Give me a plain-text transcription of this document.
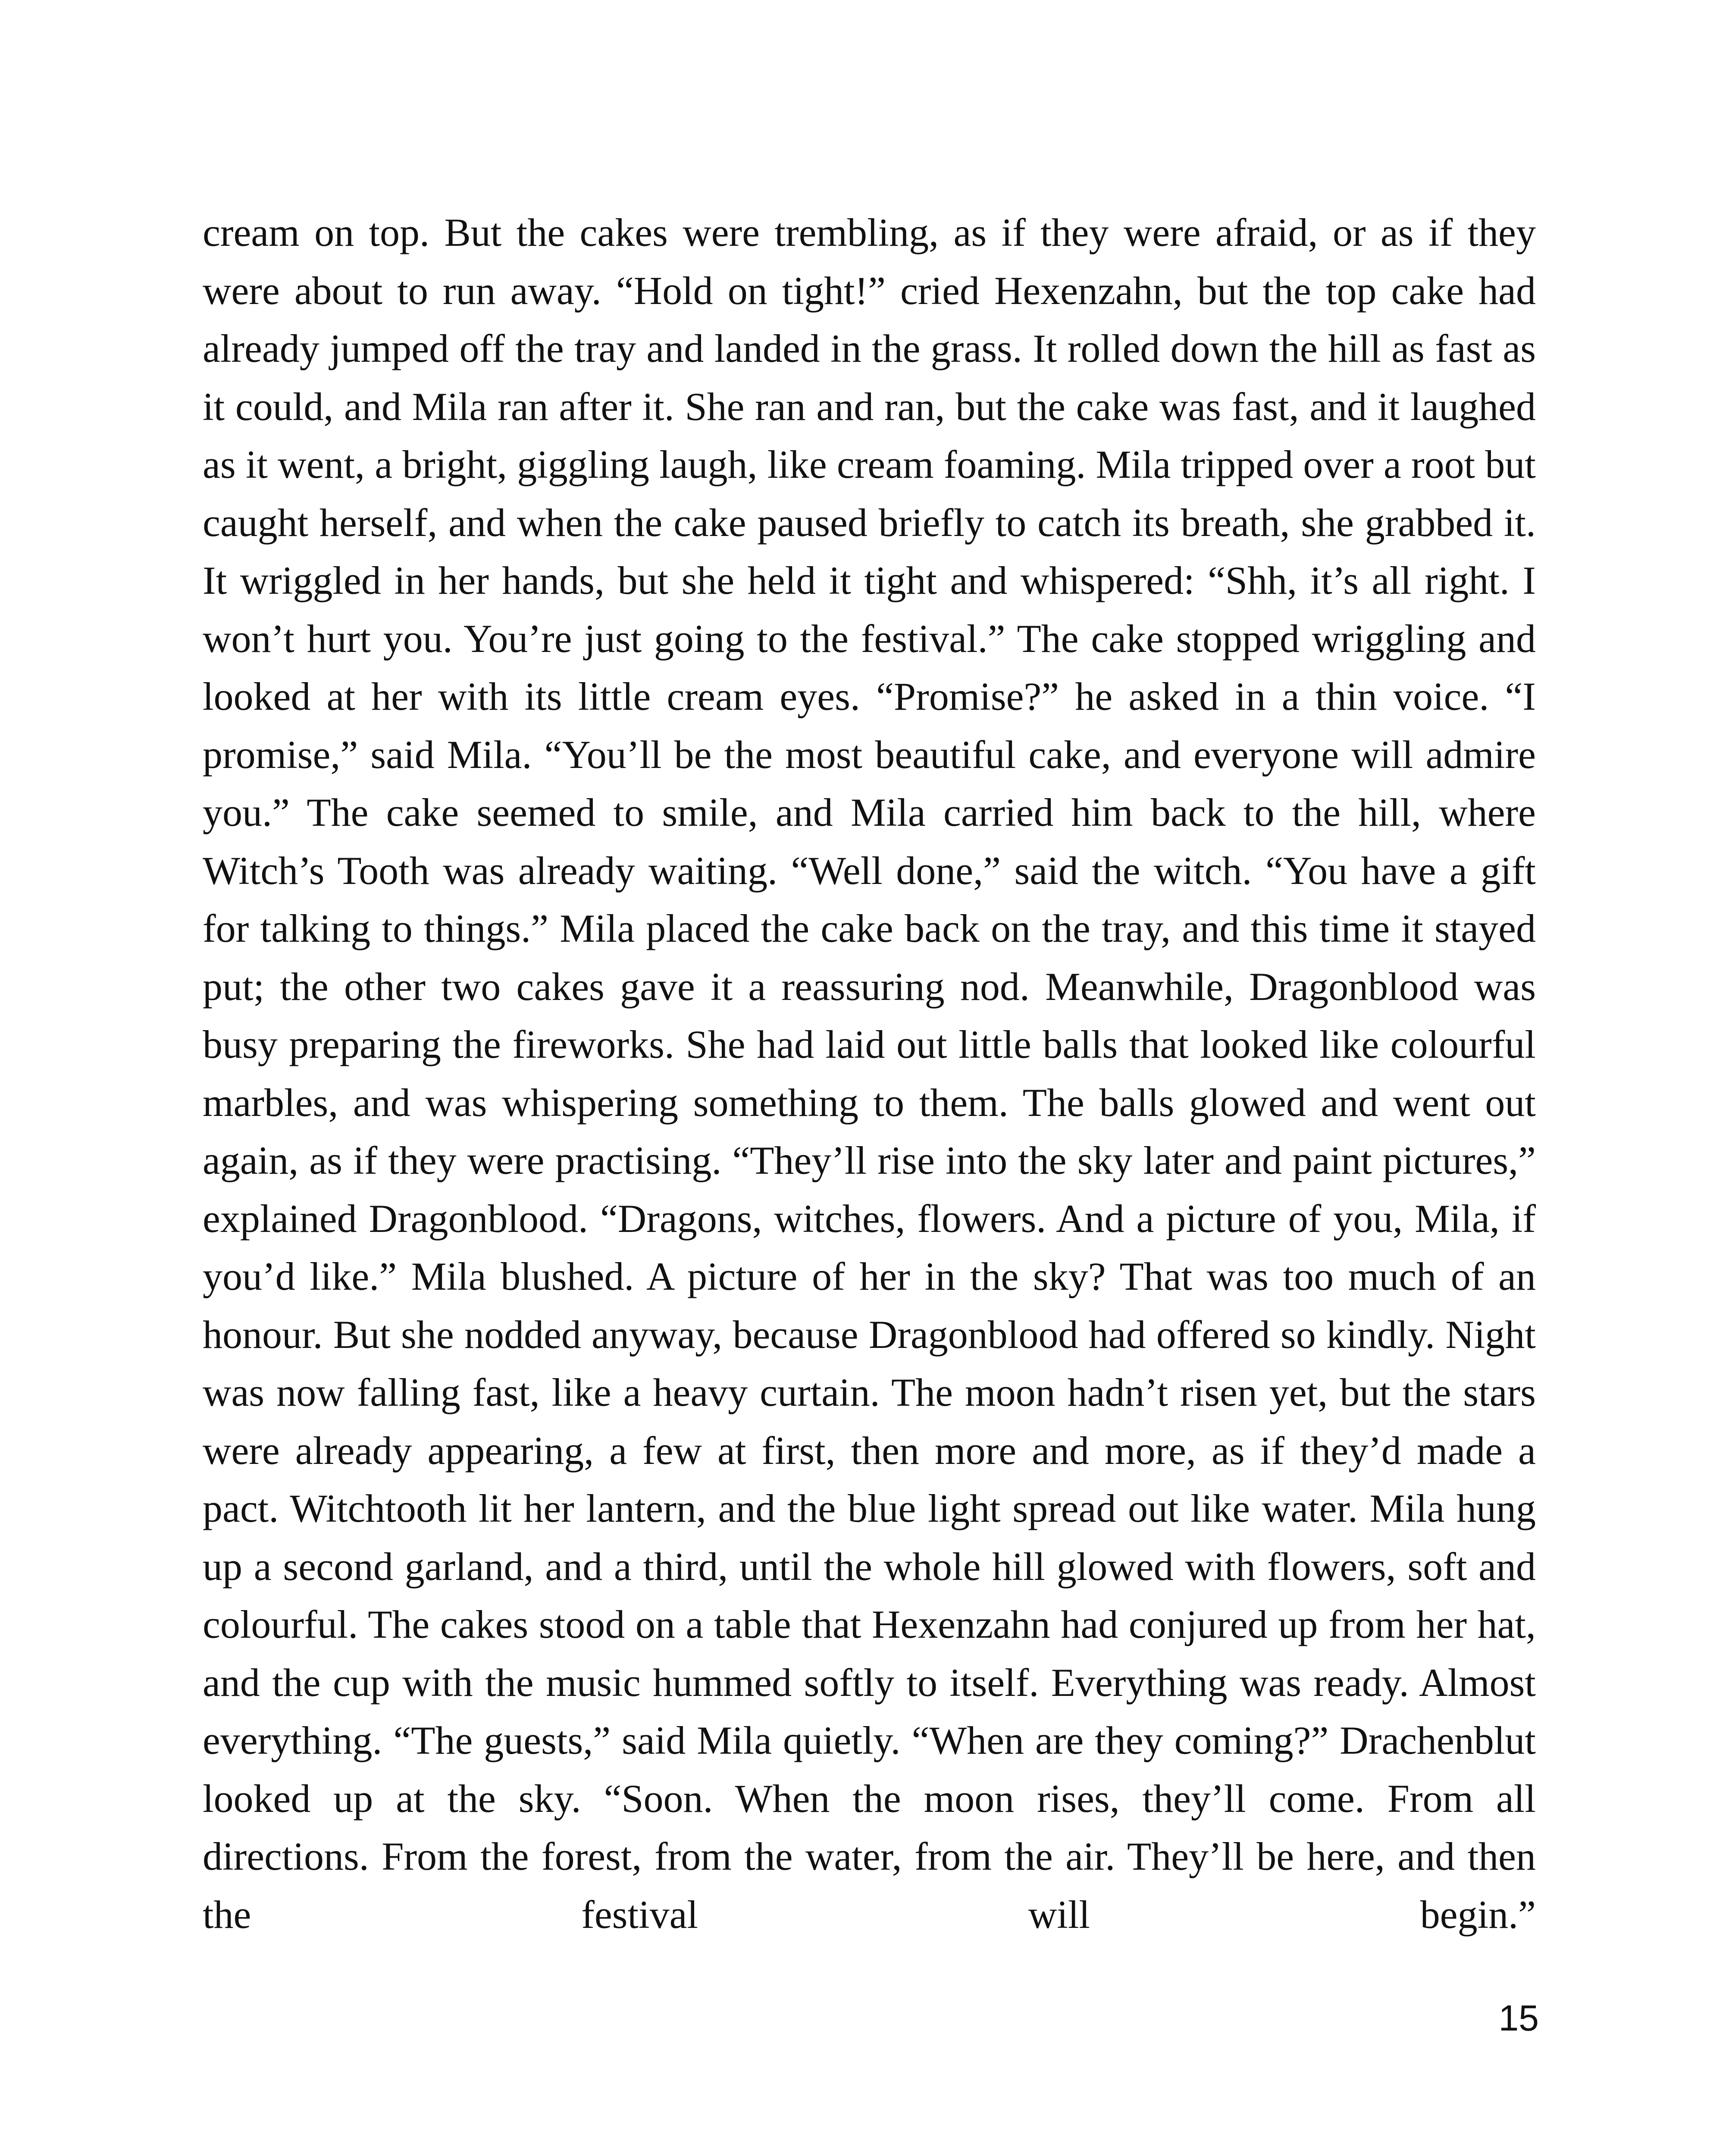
cream on top. But the cakes were trembling, as if they were afraid, or as if they were about to run away. “Hold on tight!” cried Hexenzahn, but the top cake had already jumped off the tray and landed in the grass. It rolled down the hill as fast as it could, and Mila ran after it. She ran and ran, but the cake was fast, and it laughed as it went, a bright, giggling laugh, like cream foaming. Mila tripped over a root but caught herself, and when the cake paused briefly to catch its breath, she grabbed it. It wriggled in her hands, but she held it tight and whispered: “Shh, it’s all right. I won’t hurt you. You’re just going to the festival.” The cake stopped wriggling and looked at her with its little cream eyes. “Promise?” he asked in a thin voice. “I promise,” said Mila. “You’ll be the most beautiful cake, and everyone will admire you.” The cake seemed to smile, and Mila carried him back to the hill, where Witch’s Tooth was already waiting. “Well done,” said the witch. “You have a gift for talking to things.” Mila placed the cake back on the tray, and this time it stayed put; the other two cakes gave it a reassuring nod. Meanwhile, Dragonblood was busy preparing the fireworks. She had laid out little balls that looked like colourful marbles, and was whispering something to them. The balls glowed and went out again, as if they were practising. “They’ll rise into the sky later and paint pictures,” explained Dragonblood. “Dragons, witches, flowers. And a picture of you, Mila, if you’d like.” Mila blushed. A picture of her in the sky? That was too much of an honour. But she nodded anyway, because Dragonblood had offered so kindly. Night was now falling fast, like a heavy curtain. The moon hadn’t risen yet, but the stars were already appearing, a few at first, then more and more, as if they’d made a pact. Witchtooth lit her lantern, and the blue light spread out like water. Mila hung up a second garland, and a third, until the whole hill glowed with flowers, soft and colourful. The cakes stood on a table that Hexenzahn had conjured up from her hat, and the cup with the music hummed softly to itself. Everything was ready. Almost everything. “The guests,” said Mila quietly. “When are they coming?” Drachenblut looked up at the sky. “Soon. When the moon rises, they’ll come. From all directions. From the forest, from the water, from the air. They’ll be here, and then the festival will begin.”

15
